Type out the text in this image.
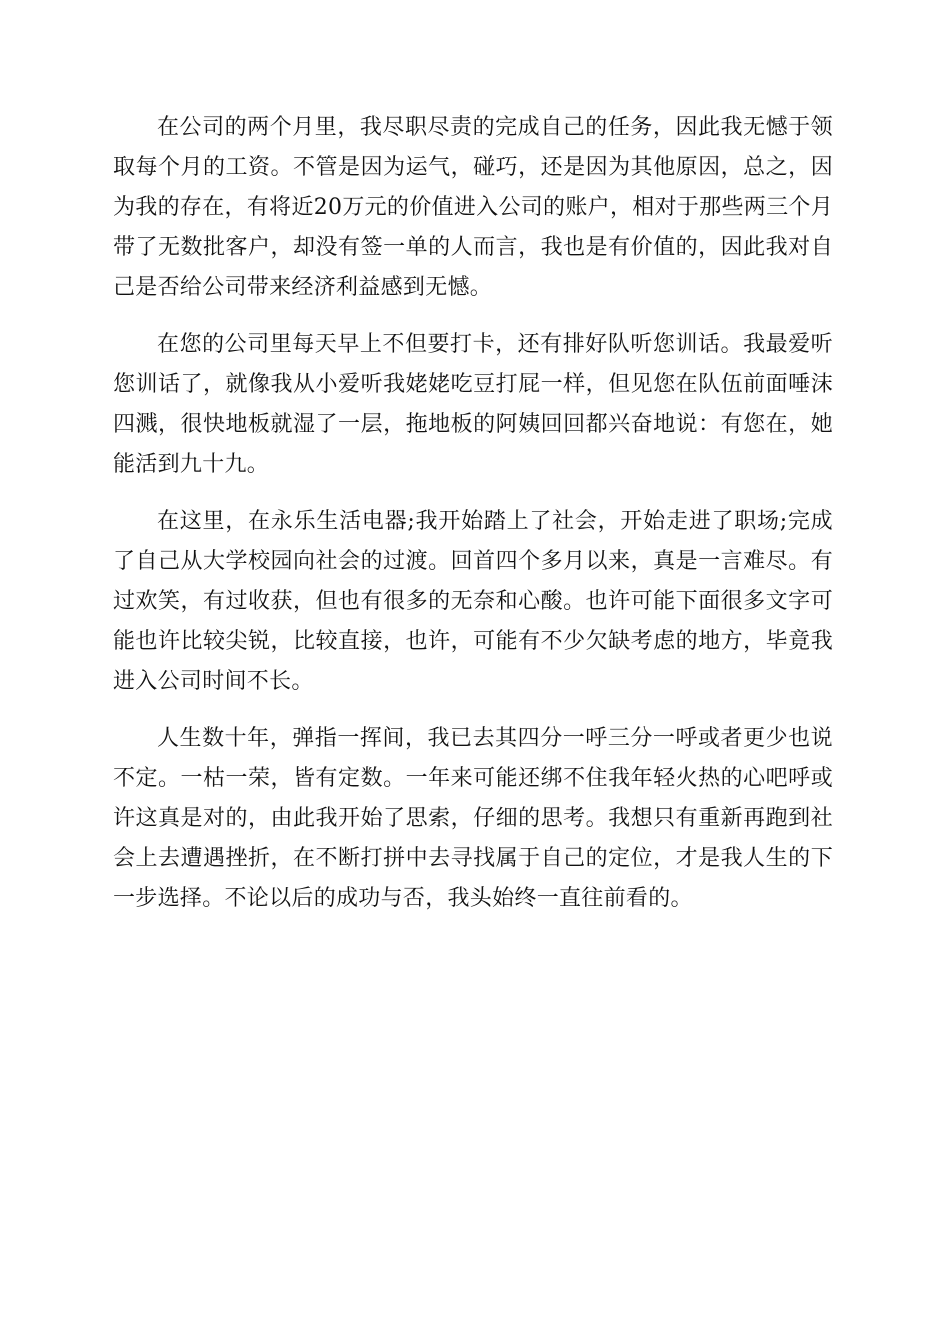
在公司的两个月里，我尽职尽责的完成自己的任务，因此我无憾于领取每个月的工资。不管是因为运气，碰巧，还是因为其他原因，总之，因为我的存在，有将近20万元的价值进入公司的账户，相对于那些两三个月带了无数批客户，却没有签一单的人而言，我也是有价值的，因此我对自己是否给公司带来经济利益感到无憾。

在您的公司里每天早上不但要打卡，还有排好队听您训话。我最爱听您训话了，就像我从小爱听我姥姥吃豆打屁一样，但见您在队伍前面唾沫四溅，很快地板就湿了一层，拖地板的阿姨回回都兴奋地说：有您在，她能活到九十九。

在这里，在永乐生活电器;我开始踏上了社会，开始走进了职场;完成了自己从大学校园向社会的过渡。回首四个多月以来，真是一言难尽。有过欢笑，有过收获，但也有很多的无奈和心酸。也许可能下面很多文字可能也许比较尖锐，比较直接，也许，可能有不少欠缺考虑的地方，毕竟我进入公司时间不长。

人生数十年，弹指一挥间，我已去其四分一呼三分一呼或者更少也说不定。一枯一荣，皆有定数。一年来可能还绑不住我年轻火热的心吧呼或许这真是对的，由此我开始了思索，仔细的思考。我想只有重新再跑到社会上去遭遇挫折，在不断打拼中去寻找属于自己的定位，才是我人生的下一步选择。不论以后的成功与否，我头始终一直往前看的。
